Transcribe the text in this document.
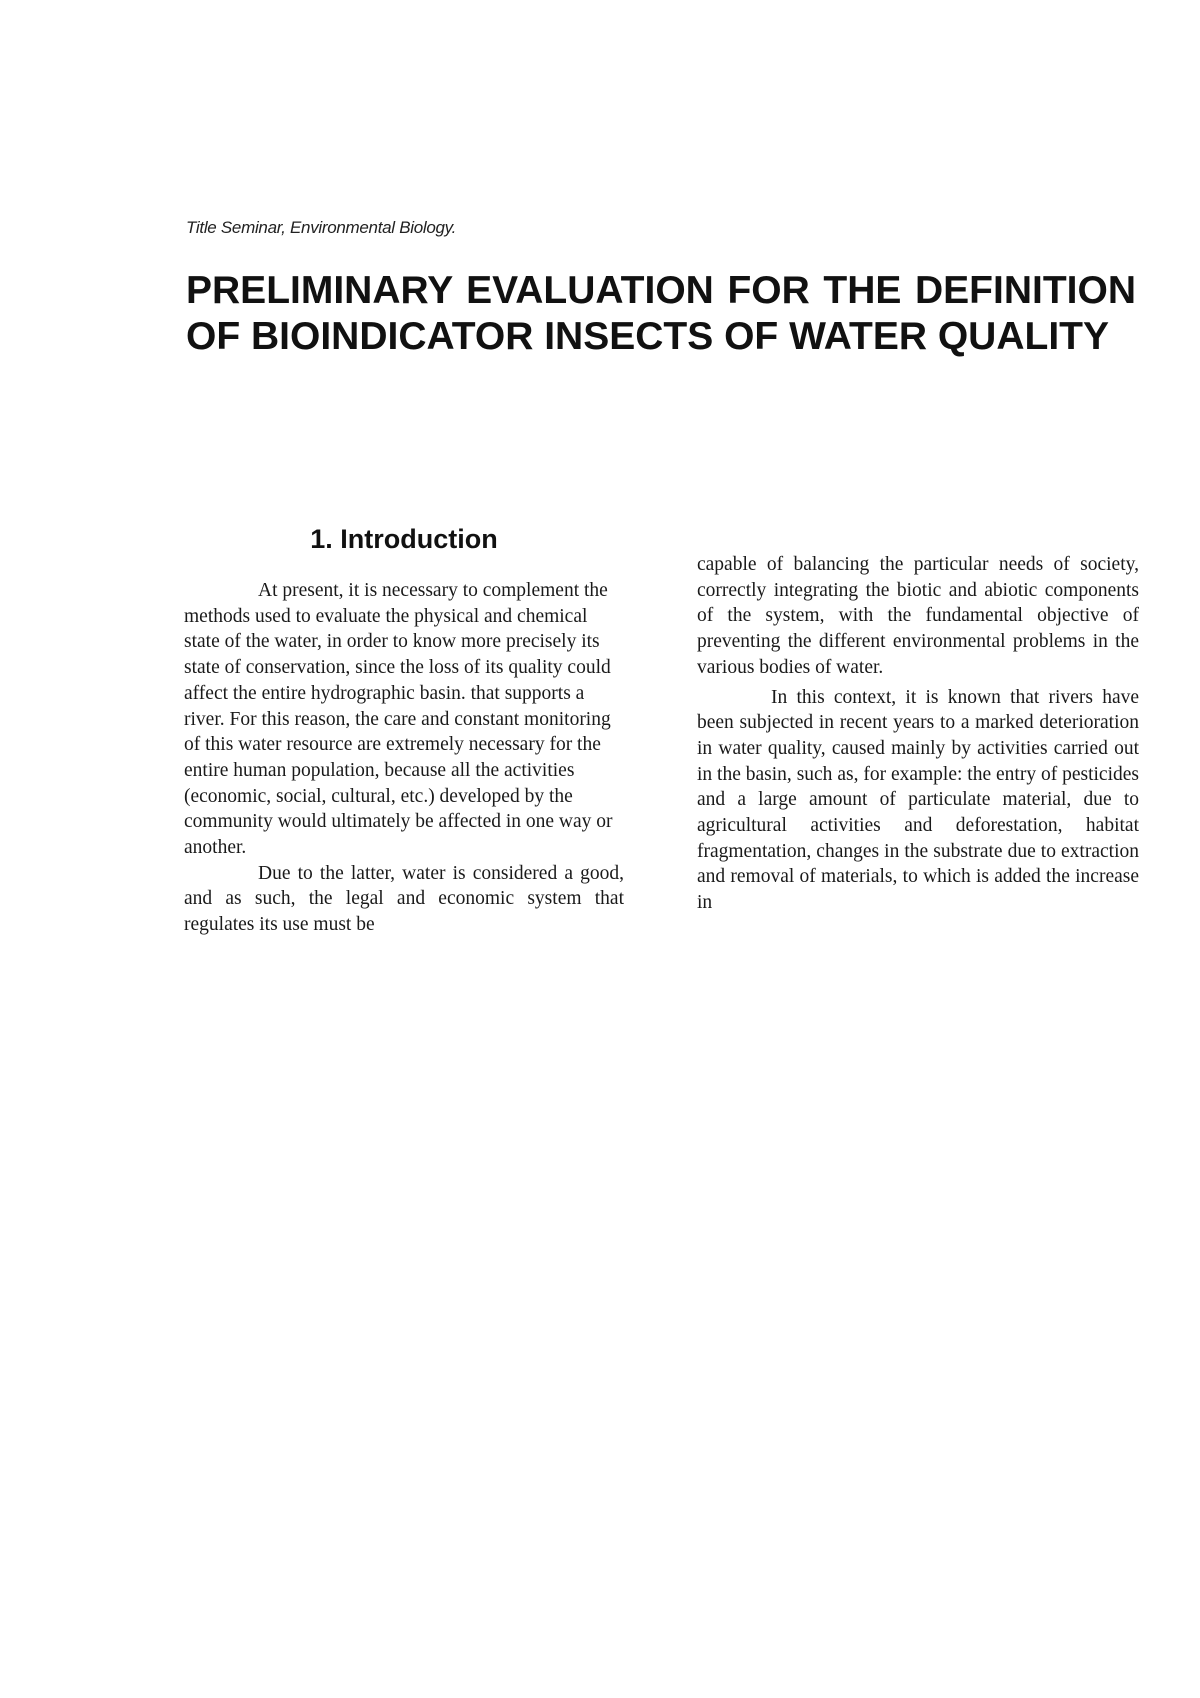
Title Seminar, Environmental Biology.
PRELIMINARY EVALUATION FOR THE DEFINITION OF BIOINDICATOR INSECTS OF WATER QUALITY
1. Introduction

At present, it is necessary to complement the methods used to evaluate the physical and chemical state of the water, in order to know more precisely its state of conservation, since the loss of its quality could affect the entire hydrographic basin. that supports a river. For this reason, the care and constant monitoring of this water resource are extremely necessary for the entire human population, because all the activities (economic, social, cultural, etc.) developed by the community would ultimately be affected in one way or another.

Due to the latter, water is considered a good, and as such, the legal and economic system that regulates its use must be

capable of balancing the particular needs of society, correctly integrating the biotic and abiotic components of the system, with the fundamental objective of preventing the different environmental problems in the various bodies of water.

In this context, it is known that rivers have been subjected in recent years to a marked deterioration in water quality, caused mainly by activities carried out in the basin, such as, for example: the entry of pesticides and a large amount of particulate material, due to agricultural activities and deforestation, habitat fragmentation, changes in the substrate due to extraction and removal of materials, to which is added the increase in
